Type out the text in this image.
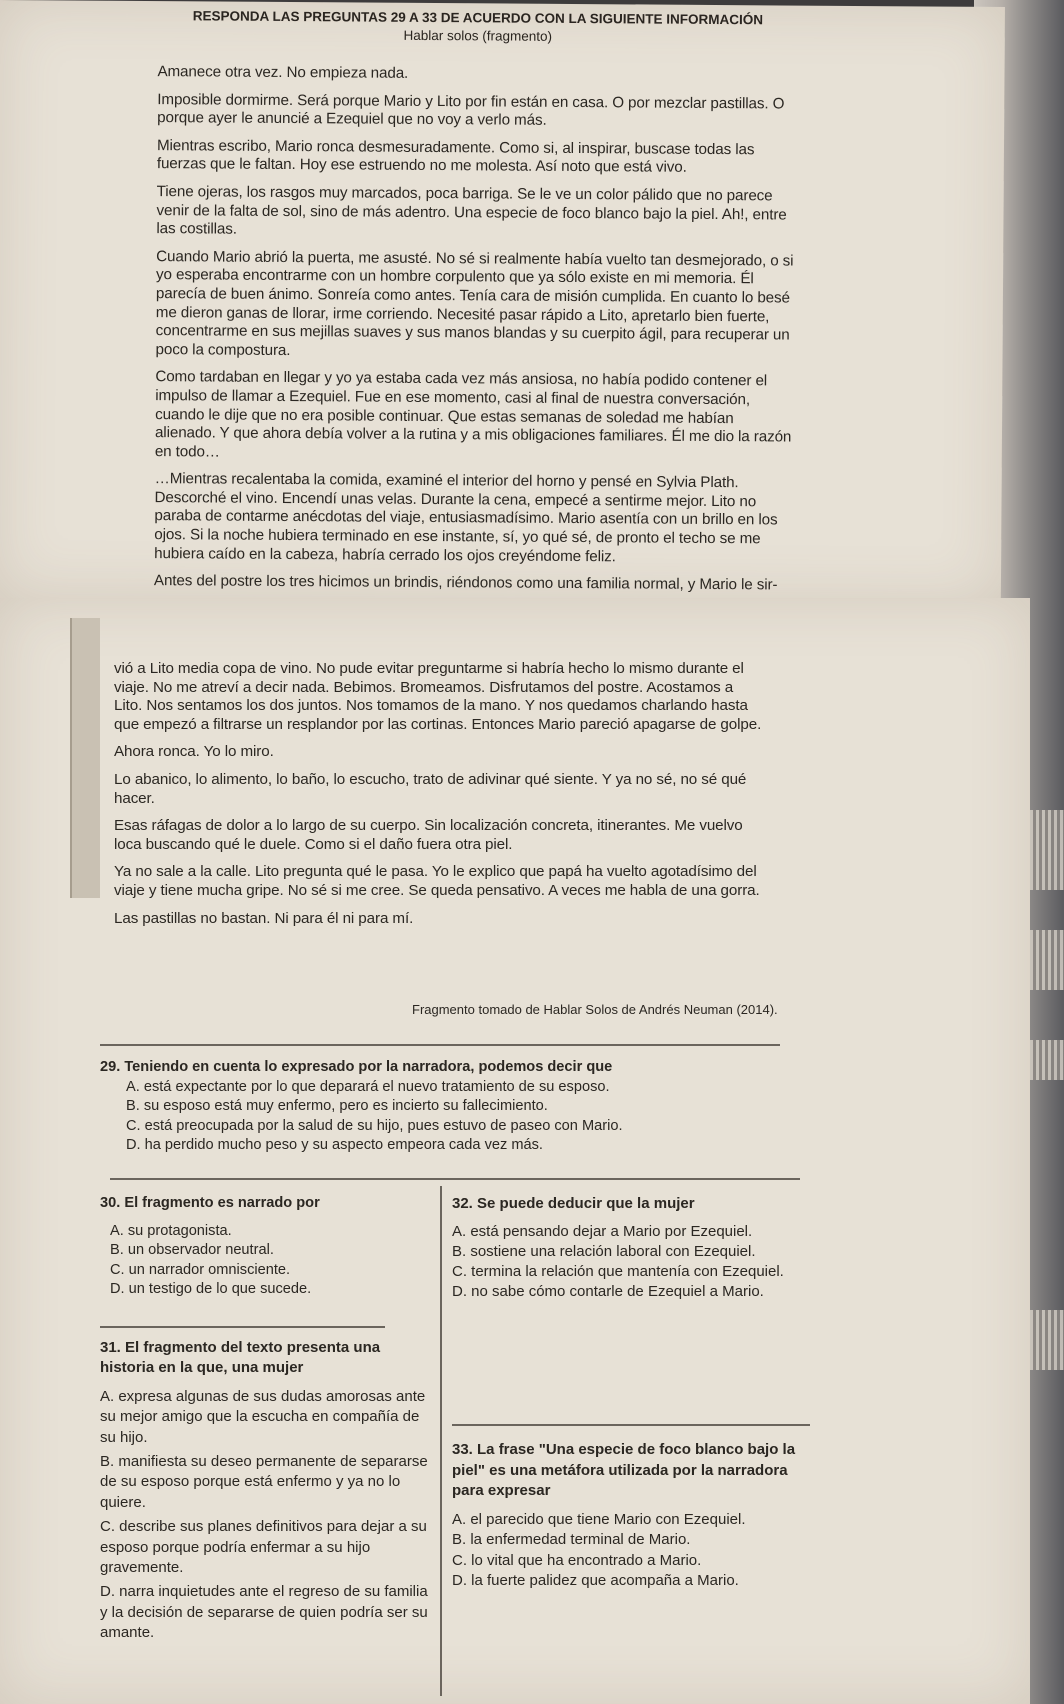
RESPONDA LAS PREGUNTAS 29 A 33 DE ACUERDO CON LA SIGUIENTE INFORMACIÓN
Hablar solos (fragmento)

Amanece otra vez. No empieza nada.

Imposible dormirme. Será porque Mario y Lito por fin están en casa. O por mezclar pastillas. O porque ayer le anuncié a Ezequiel que no voy a verlo más.

Mientras escribo, Mario ronca desmesuradamente. Como si, al inspirar, buscase todas las fuerzas que le faltan. Hoy ese estruendo no me molesta. Así noto que está vivo.

Tiene ojeras, los rasgos muy marcados, poca barriga. Se le ve un color pálido que no parece venir de la falta de sol, sino de más adentro. Una especie de foco blanco bajo la piel. Ah!, entre las costillas.

Cuando Mario abrió la puerta, me asusté. No sé si realmente había vuelto tan desmejorado, o si yo esperaba encontrarme con un hombre corpulento que ya sólo existe en mi memoria. Él parecía de buen ánimo. Sonreía como antes. Tenía cara de misión cumplida. En cuanto lo besé me dieron ganas de llorar, irme corriendo. Necesité pasar rápido a Lito, apretarlo bien fuerte, concentrarme en sus mejillas suaves y sus manos blandas y su cuerpito ágil, para recuperar un poco la compostura.

Como tardaban en llegar y yo ya estaba cada vez más ansiosa, no había podido contener el impulso de llamar a Ezequiel. Fue en ese momento, casi al final de nuestra conversación, cuando le dije que no era posible continuar. Que estas semanas de soledad me habían alienado. Y que ahora debía volver a la rutina y a mis obligaciones familiares. Él me dio la razón en todo…

…Mientras recalentaba la comida, examiné el interior del horno y pensé en Sylvia Plath. Descorché el vino. Encendí unas velas. Durante la cena, empecé a sentirme mejor. Lito no paraba de contarme anécdotas del viaje, entusiasmadísimo. Mario asentía con un brillo en los ojos. Si la noche hubiera terminado en ese instante, sí, yo qué sé, de pronto el techo se me hubiera caído en la cabeza, habría cerrado los ojos creyéndome feliz.

Antes del postre los tres hicimos un brindis, riéndonos como una familia normal, y Mario le sir-

vió a Lito media copa de vino. No pude evitar preguntarme si habría hecho lo mismo durante el viaje. No me atreví a decir nada. Bebimos. Bromeamos. Disfrutamos del postre. Acostamos a Lito. Nos sentamos los dos juntos. Nos tomamos de la mano. Y nos quedamos charlando hasta que empezó a filtrarse un resplandor por las cortinas. Entonces Mario pareció apagarse de golpe.

Ahora ronca. Yo lo miro.

Lo abanico, lo alimento, lo baño, lo escucho, trato de adivinar qué siente. Y ya no sé, no sé qué hacer.

Esas ráfagas de dolor a lo largo de su cuerpo. Sin localización concreta, itinerantes. Me vuelvo loca buscando qué le duele. Como si el daño fuera otra piel.

Ya no sale a la calle. Lito pregunta qué le pasa. Yo le explico que papá ha vuelto agotadísimo del viaje y tiene mucha gripe. No sé si me cree. Se queda pensativo. A veces me habla de una gorra.

Las pastillas no bastan. Ni para él ni para mí.

Fragmento tomado de Hablar Solos de Andrés Neuman (2014).
29. Teniendo en cuenta lo expresado por la narradora, podemos decir que
A. está expectante por lo que deparará el nuevo tratamiento de su esposo.
B. su esposo está muy enfermo, pero es incierto su fallecimiento.
C. está preocupada por la salud de su hijo, pues estuvo de paseo con Mario.
D. ha perdido mucho peso y su aspecto empeora cada vez más.
30. El fragmento es narrado por
A. su protagonista.
B. un observador neutral.
C. un narrador omnisciente.
D. un testigo de lo que sucede.
31. El fragmento del texto presenta una historia en la que, una mujer
A. expresa algunas de sus dudas amorosas ante su mejor amigo que la escucha en compañía de su hijo.
B. manifiesta su deseo permanente de separarse de su esposo porque está enfermo y ya no lo quiere.
C. describe sus planes definitivos para dejar a su esposo porque podría enfermar a su hijo gravemente.
D. narra inquietudes ante el regreso de su familia y la decisión de separarse de quien podría ser su amante.
32. Se puede deducir que la mujer
A. está pensando dejar a Mario por Ezequiel.
B. sostiene una relación laboral con Ezequiel.
C. termina la relación que mantenía con Ezequiel.
D. no sabe cómo contarle de Ezequiel a Mario.
33. La frase "Una especie de foco blanco bajo la piel" es una metáfora utilizada por la narradora para expresar
A. el parecido que tiene Mario con Ezequiel.
B. la enfermedad terminal de Mario.
C. lo vital que ha encontrado a Mario.
D. la fuerte palidez que acompaña a Mario.
